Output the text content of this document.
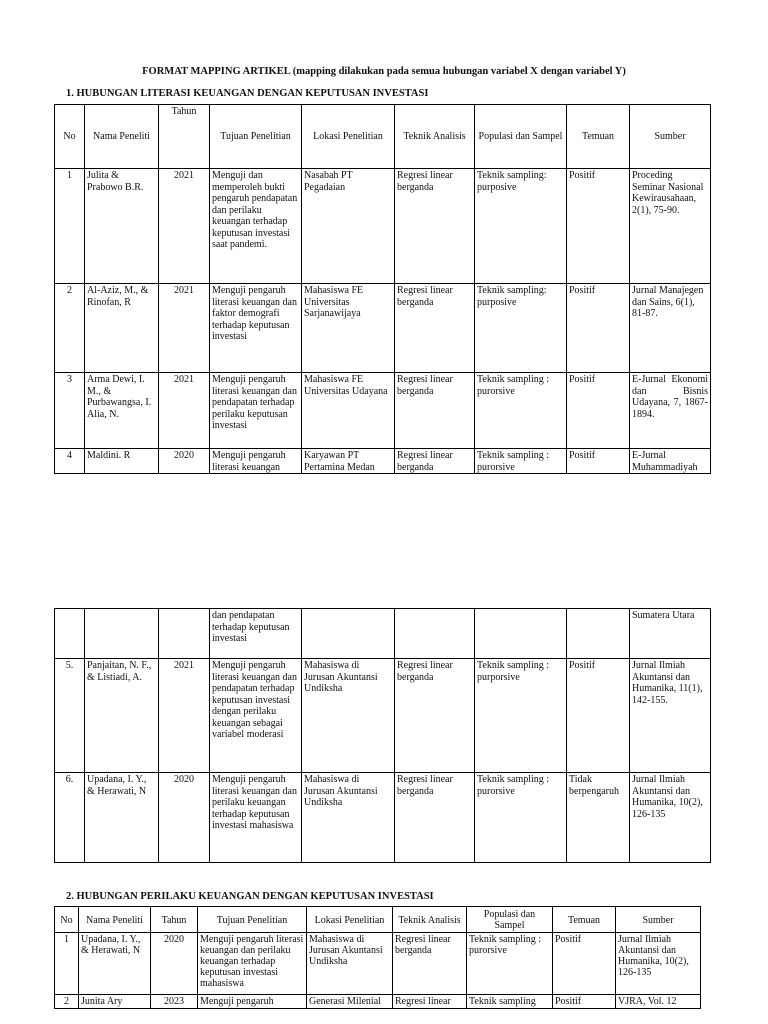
FORMAT MAPPING ARTIKEL (mapping dilakukan pada semua hubungan variabel X dengan variabel Y)
1. HUBUNGAN LITERASI KEUANGAN DENGAN KEPUTUSAN INVESTASI
No	Nama Peneliti	Tahun	Tujuan Penelitian	Lokasi Penelitian	Teknik Analisis	Populasi dan Sampel	Temuan	Sumber
1	Julita & Prabowo B.R.	2021	Menguji dan memperoleh bukti pengaruh pendapatan dan perilaku keuangan terhadap keputusan investasi saat pandemi.	Nasabah PT Pegadaian	Regresi linear berganda	Teknik sampling: purposive	Positif	Proceding Seminar Nasional Kewirausahaan, 2(1), 75-90.
2	Al-Aziz, M., & Rinofan, R	2021	Menguji pengaruh literasi keuangan dan faktor demografi terhadap keputusan investasi	Mahasiswa FE Universitas Sarjanawijaya	Regresi linear berganda	Teknik sampling: purposive	Positif	Jurnal Manajegen dan Sains, 6(1), 81-87.
3	Arma Dewi, I. M., & Purbawangsa, I. Alia, N.	2021	Menguji pengaruh literasi keuangan dan pendapatan terhadap perilaku keputusan investasi	Mahasiswa FE Universitas Udayana	Regresi linear berganda	Teknik sampling : purorsive	Positif	E-Jurnal Ekonomi dan Bisnis Udayana, 7, 1867-1894.
4	Maldini. R	2020	Menguji pengaruh literasi keuangan	Karyawan PT Pertamina Medan	Regresi linear berganda	Teknik sampling : purorsive	Positif	E-Jurnal Muhammadiyah
			dan pendapatan terhadap keputusan investasi					Sumatera Utara
5.	Panjaitan, N. F., & Listiadi, A.	2021	Menguji pengaruh literasi keuangan dan pendapatan terhadap keputusan investasi dengan perilaku keuangan sebagai variabel moderasi	Mahasiswa di Jurusan Akuntansi Undiksha	Regresi linear berganda	Teknik sampling : purporsive	Positif	Jurnal Ilmiah Akuntansi dan Humanika, 11(1), 142-155.
6.	Upadana, I. Y., & Herawati, N	2020	Menguji pengaruh literasi keuangan dan perilaku keuangan terhadap keputusan investasi mahasiswa	Mahasiswa di Jurusan Akuntansi Undiksha	Regresi linear berganda	Teknik sampling : purorsive	Tidak berpengaruh	Jurnal Ilmiah Akuntansi dan Humanika, 10(2), 126-135
2. HUBUNGAN PERILAKU KEUANGAN DENGAN KEPUTUSAN INVESTASI
No	Nama Peneliti	Tahun	Tujuan Penelitian	Lokasi Penelitian	Teknik Analisis	Populasi dan Sampel	Temuan	Sumber
1	Upadana, I. Y., & Herawati, N	2020	Menguji pengaruh literasi keuangan dan perilaku keuangan terhadap keputusan investasi mahasiswa	Mahasiswa di Jurusan Akuntansi Undiksha	Regresi linear berganda	Teknik sampling : purorsive	Positif	Jurnal Ilmiah Akuntansi dan Humanika, 10(2), 126-135
2	Junita Ary	2023	Menguji pengaruh	Generasi Milenial	Regresi linear	Teknik sampling	Positif	VJRA, Vol. 12
